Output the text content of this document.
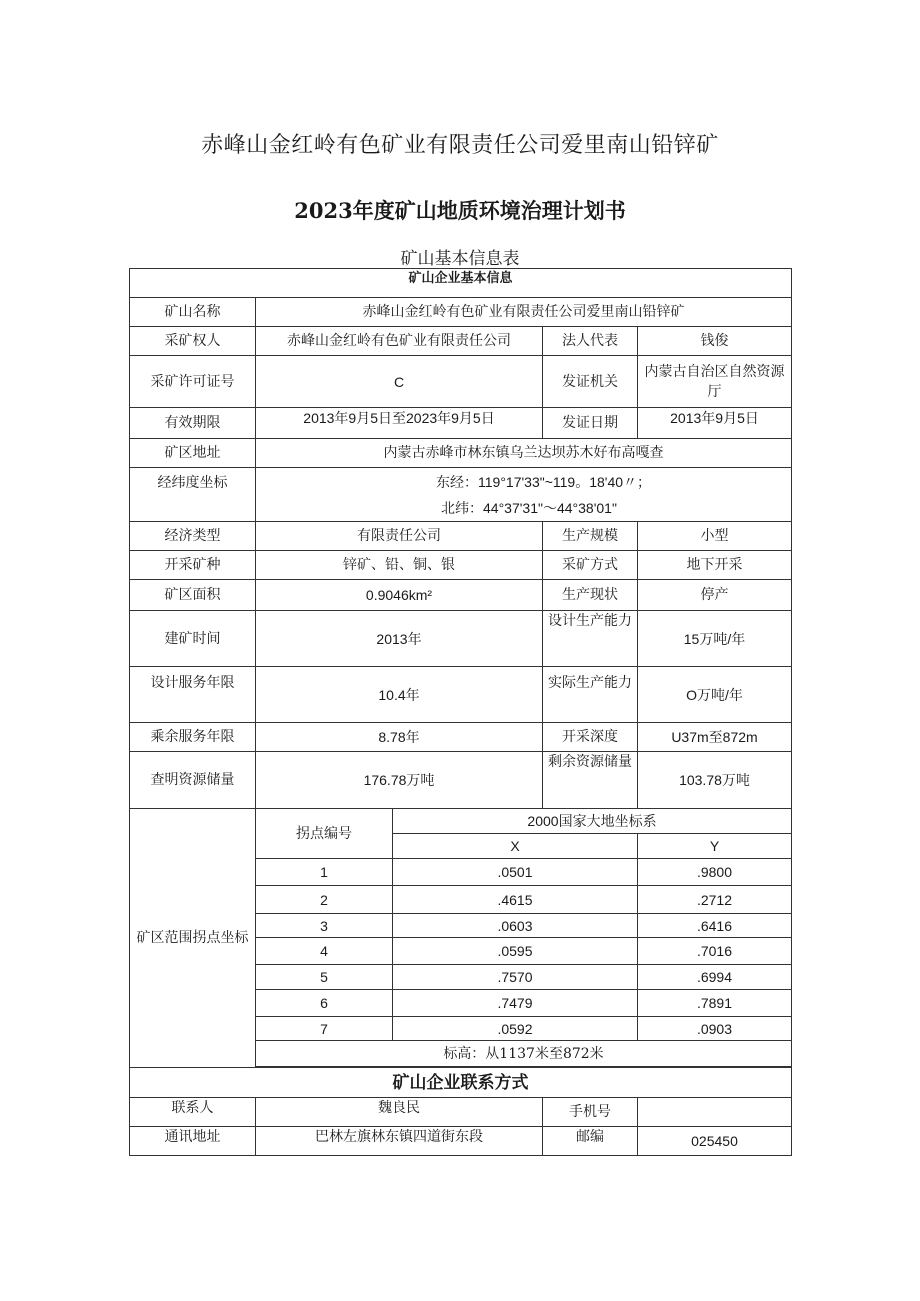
赤峰山金红岭有色矿业有限责任公司爱里南山铅锌矿
2023年度矿山地质环境治理计划书
矿山基本信息表
矿山企业基本信息				
矿山名称	赤峰山金红岭有色矿业有限责任公司爱里南山铅锌矿			
采矿权人	赤峰山金红岭有色矿业有限责任公司		法人代表	钱俊
采矿许可证号	C		发证机关	内蒙古自治区自然资源厅
有效期限	2013年9月5日至2023年9月5日		发证日期	2013年9月5日
矿区地址	内蒙古赤峰市林东镇乌兰达坝苏木好布高嘎查			
经纬度坐标	东经：119°17'33"~119。18'40〃；
北纬：44°37'31"～44°38'01"			

经济类型	有限责任公司		生产规模	小型
开采矿种	锌矿、铅、铜、银		采矿方式	地下开采
矿区面积	0.9046km²		生产现状	停产
建矿时间	2013年		设计生产能力	15万吨/年
设计服务年限	10.4年		实际生产能力	O万吨/年
乘余服务年限	8.78年		开采深度	U37m至872m
查明资源储量	176.78万吨		剩余资源储量	103.78万吨
矿区范围拐点坐标	拐点编号	2000国家大地坐标系		
		X		Y
	1	.0501		.9800
	2	.4615		.2712
	3	.0603		.6416
	4	.0595		.7016
	5	.7570		.6994
	6	.7479		.7891
	7	.0592		.0903
	标高：从1137米至872米			

矿山企业联系方式				
联系人	魏良民		手机号	
通讯地址	巴林左旗林东镇四道街东段		邮编	025450
